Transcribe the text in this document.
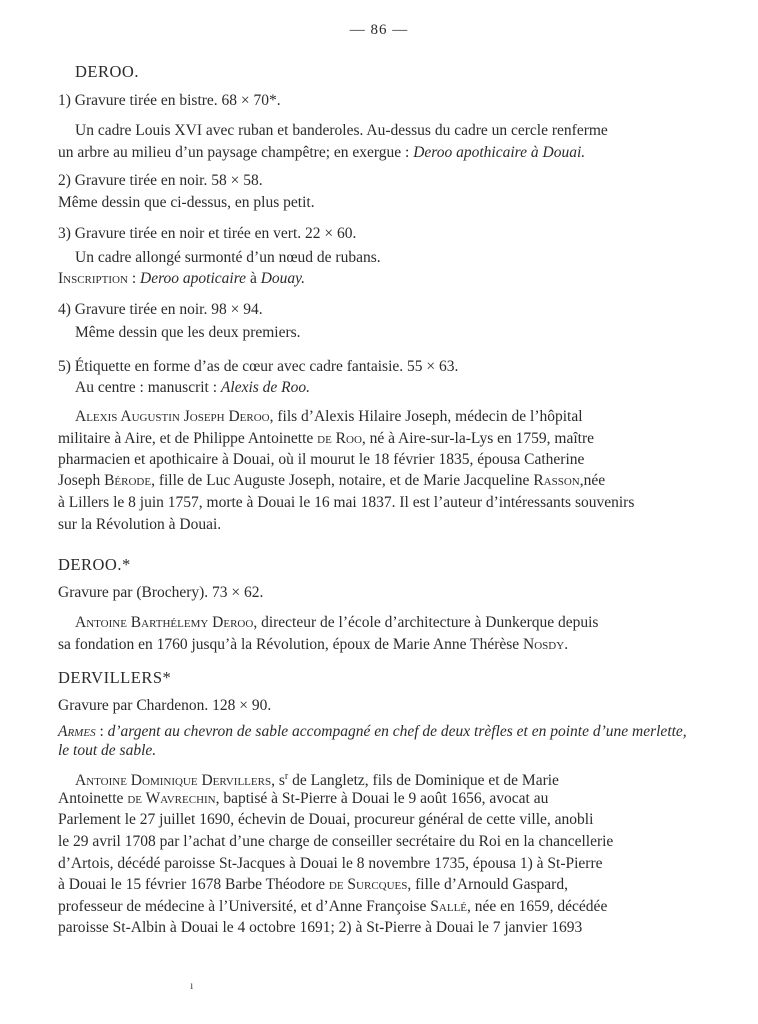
— 86 —
DEROO.
1) Gravure tirée en bistre. 68 × 70*.
Un cadre Louis XVI avec ruban et banderoles. Au-dessus du cadre un cercle renferme
un arbre au milieu d’un paysage champêtre; en exergue : Deroo apothicaire à Douai.
2) Gravure tirée en noir. 58 × 58.
Même dessin que ci-dessus, en plus petit.
3) Gravure tirée en noir et tirée en vert. 22 × 60.
Un cadre allongé surmonté d’un nœud de rubans.
Inscription : Deroo apoticaire à Douay.
4) Gravure tirée en noir. 98 × 94.
Même dessin que les deux premiers.
5) Étiquette en forme d’as de cœur avec cadre fantaisie. 55 × 63.
Au centre : manuscrit : Alexis de Roo.
Alexis Augustin Joseph Deroo, fils d’Alexis Hilaire Joseph, médecin de l’hôpital
militaire à Aire, et de Philippe Antoinette de Roo, né à Aire-sur-la-Lys en 1759, maître
pharmacien et apothicaire à Douai, où il mourut le 18 février 1835, épousa Catherine
Joseph Bérode, fille de Luc Auguste Joseph, notaire, et de Marie Jacqueline Rasson,née
à Lillers le 8 juin 1757, morte à Douai le 16 mai 1837. Il est l’auteur d’intéressants souvenirs
sur la Révolution à Douai.
DEROO.*
Gravure par (Brochery). 73 × 62.
Antoine Barthélemy Deroo, directeur de l’école d’architecture à Dunkerque depuis
sa fondation en 1760 jusqu’à la Révolution, époux de Marie Anne Thérèse Nosdy.
DERVILLERS*
Gravure par Chardenon. 128 × 90.
Armes : d’argent au chevron de sable accompagné en chef de deux trèfles et en pointe d’une merlette,
le tout de sable.
Antoine Dominique Dervillers, $s^r$ de Langletz, fils de Dominique et de Marie
Antoinette de Wavrechin, baptisé à St-Pierre à Douai le 9 août 1656, avocat au
Parlement le 27 juillet 1690, échevin de Douai, procureur général de cette ville, anobli
le 29 avril 1708 par l’achat d’une charge de conseiller secrétaire du Roi en la chancellerie
d’Artois, décédé paroisse St-Jacques à Douai le 8 novembre 1735, épousa 1) à St-Pierre
à Douai le 15 février 1678 Barbe Théodore de Surcques, fille d’Arnould Gaspard,
professeur de médecine à l’Université, et d’Anne Françoise Sallé, née en 1659, décédée
paroisse St-Albin à Douai le 4 octobre 1691; 2) à St-Pierre à Douai le 7 janvier 1693
ı
